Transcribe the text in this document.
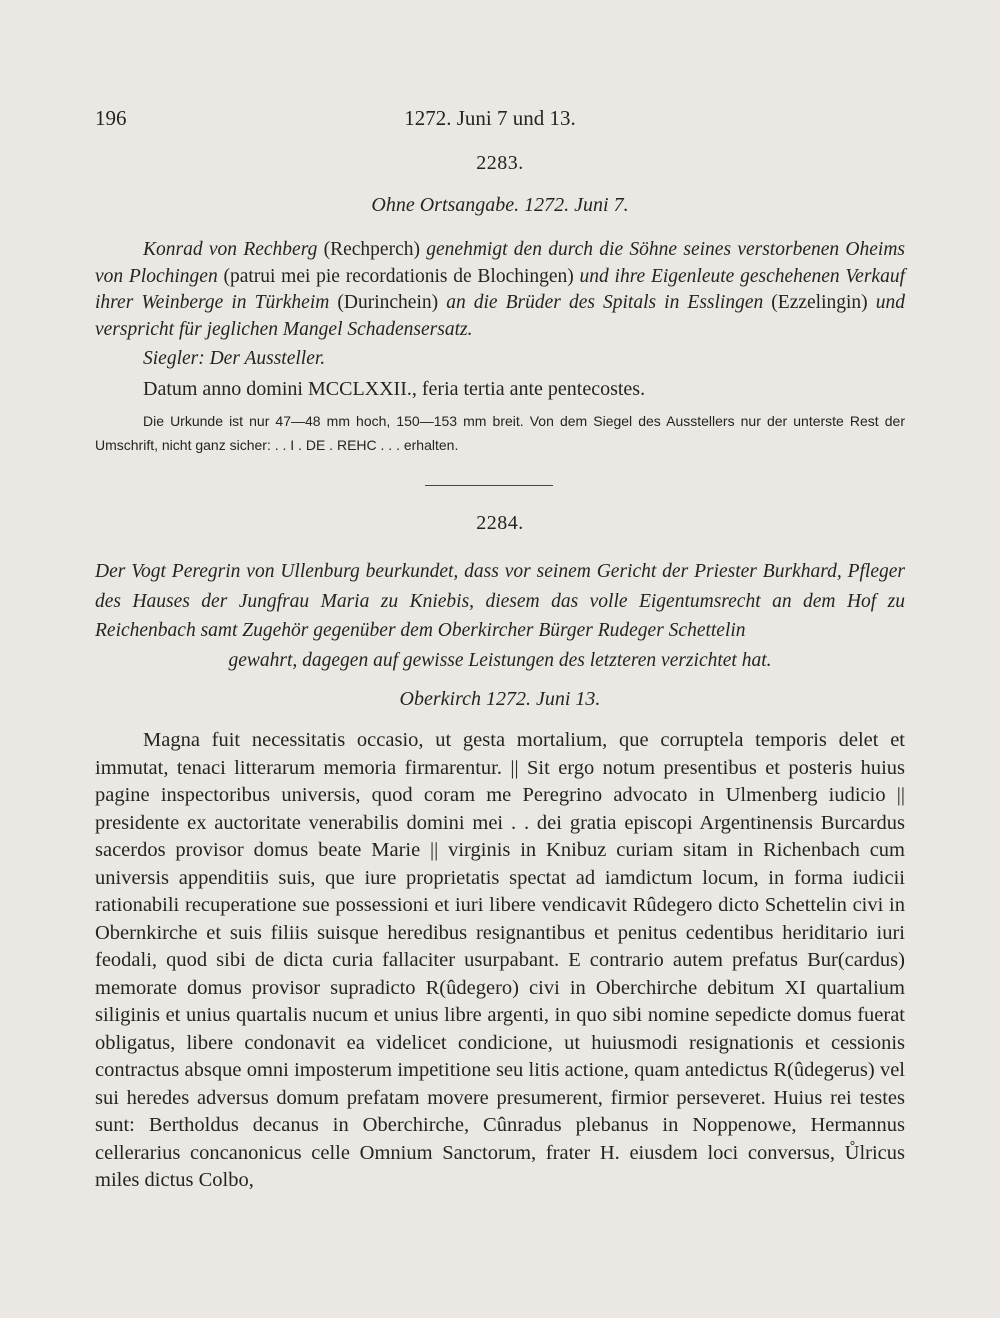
196	1272. Juni 7 und 13.
2283.
Ohne Ortsangabe. 1272. Juni 7.

Konrad von Rechberg (Rechperch) genehmigt den durch die Söhne seines verstorbenen Oheims von Plochingen (patrui mei pie recordationis de Blochingen) und ihre Eigenleute geschehenen Verkauf ihrer Weinberge in Türkheim (Durinchein) an die Brüder des Spitals in Esslingen (Ezzelingin) und verspricht für jeglichen Mangel Schadensersatz.

Siegler: Der Aussteller.
Datum anno domini MCCLXXII., feria tertia ante pentecostes.

Die Urkunde ist nur 47—48 mm hoch, 150—153 mm breit. Von dem Siegel des Ausstellers nur der unterste Rest der Umschrift, nicht ganz sicher: . . I . DE . REHC . . . erhalten.

2284.

Der Vogt Peregrin von Ullenburg beurkundet, dass vor seinem Gericht der Priester Burkhard, Pfleger des Hauses der Jungfrau Maria zu Kniebis, diesem das volle Eigentumsrecht an dem Hof zu Reichenbach samt Zugehör gegenüber dem Oberkircher Bürger Rudeger Schettelin

gewahrt, dagegen auf gewisse Leistungen des letzteren verzichtet hat.

Oberkirch 1272. Juni 13.

Magna fuit necessitatis occasio, ut gesta mortalium, que corruptela temporis delet et immutat, tenaci litterarum memoria firmarentur. || Sit ergo notum presentibus et posteris huius pagine inspectoribus universis, quod coram me Peregrino advocato in Ulmenberg iudicio || presidente ex auctoritate venerabilis domini mei . . dei gratia episcopi Argentinensis Burcardus sacerdos provisor domus beate Marie || virginis in Knibuz curiam sitam in Richenbach cum universis appenditiis suis, que iure proprietatis spectat ad iamdictum locum, in forma iudicii rationabili recuperatione sue possessioni et iuri libere vendicavit Rûdegero dicto Schettelin civi in Obernkirche et suis filiis suisque heredibus resignantibus et penitus cedentibus heriditario iuri feodali, quod sibi de dicta curia fallaciter usurpabant. E contrario autem prefatus Bur(cardus) memorate domus provisor supradicto R(ûdegero) civi in Oberchirche debitum XI quartalium siliginis et unius quartalis nucum et unius libre argenti, in quo sibi nomine sepedicte domus fuerat obligatus, libere condonavit ea videlicet condicione, ut huiusmodi resignationis et cessionis contractus absque omni imposterum impetitione seu litis actione, quam antedictus R(ûdegerus) vel sui heredes adversus domum prefatam movere presumerent, firmior perseveret. Huius rei testes sunt: Bertholdus decanus in Oberchirche, Cûnradus plebanus in Noppenowe, Hermannus cellerarius concanonicus celle Omnium Sanctorum, frater H. eiusdem loci conversus, Ůlricus miles dictus Colbo,
